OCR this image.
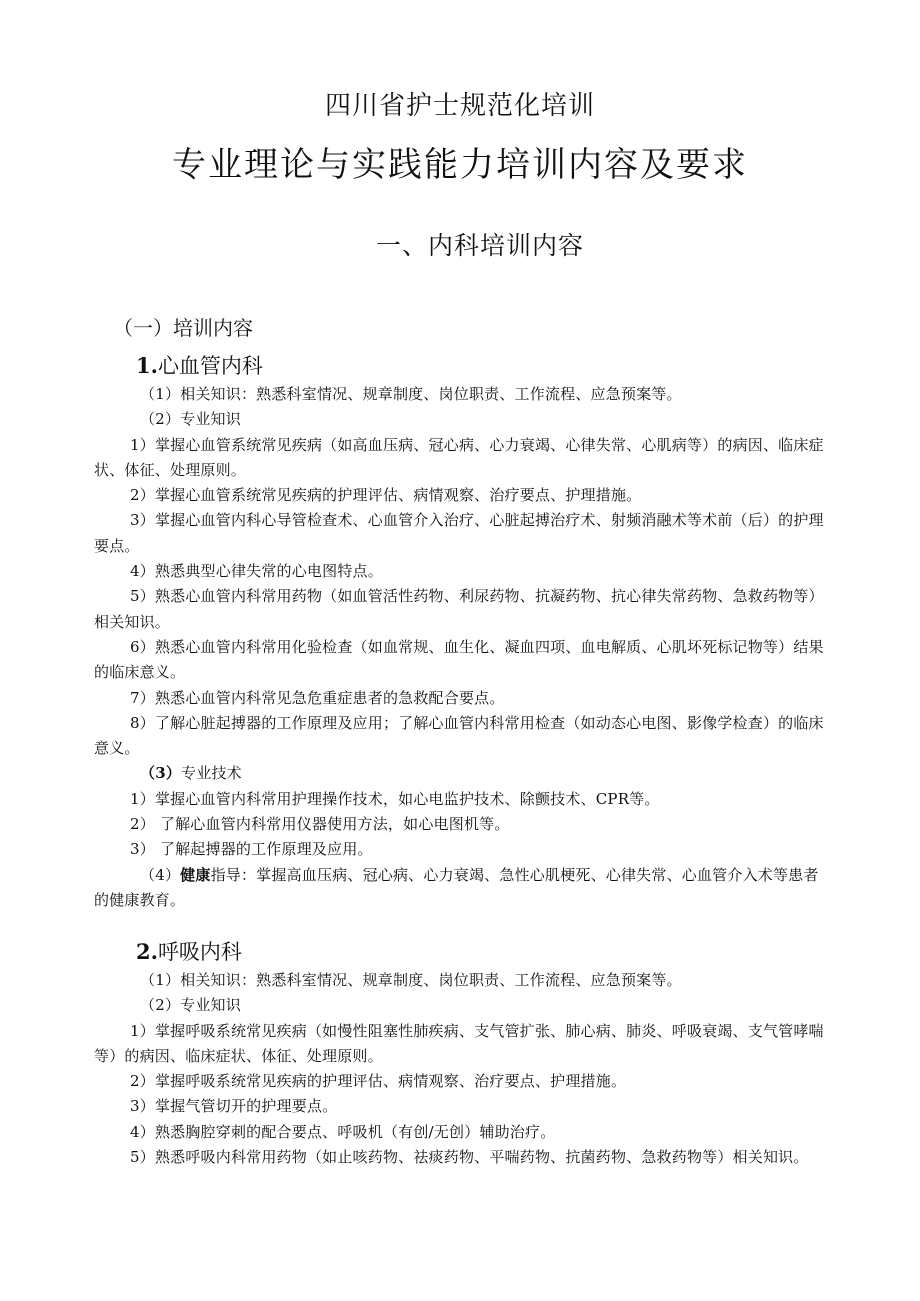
四川省护士规范化培训
专业理论与实践能力培训内容及要求
一、内科培训内容
（一）培训内容
1.心血管内科

（1）相关知识：熟悉科室情况、规章制度、岗位职责、工作流程、应急预案等。

（2）专业知识

1）掌握心血管系统常见疾病（如高血压病、冠心病、心力衰竭、心律失常、心肌病等）的病因、临床症状、体征、处理原则。

2）掌握心血管系统常见疾病的护理评估、病情观察、治疗要点、护理措施。

3）掌握心血管内科心导管检查术、心血管介入治疗、心脏起搏治疗术、射频消融术等术前（后）的护理要点。

4）熟悉典型心律失常的心电图特点。

5）熟悉心血管内科常用药物（如血管活性药物、利尿药物、抗凝药物、抗心律失常药物、急救药物等）相关知识。

6）熟悉心血管内科常用化验检查（如血常规、血生化、凝血四项、血电解质、心肌坏死标记物等）结果的临床意义。

7）熟悉心血管内科常见急危重症患者的急救配合要点。

8）了解心脏起搏器的工作原理及应用；了解心血管内科常用检查（如动态心电图、影像学检查）的临床意义。

（3）专业技术

1）掌握心血管内科常用护理操作技术，如心电监护技术、除颤技术、CPR等。

2） 了解心血管内科常用仪器使用方法，如心电图机等。

3） 了解起搏器的工作原理及应用。

（4）健康指导：掌握高血压病、冠心病、心力衰竭、急性心肌梗死、心律失常、心血管介入术等患者的健康教育。

2.呼吸内科

（1）相关知识：熟悉科室情况、规章制度、岗位职责、工作流程、应急预案等。

（2）专业知识

1）掌握呼吸系统常见疾病（如慢性阻塞性肺疾病、支气管扩张、肺心病、肺炎、呼吸衰竭、支气管哮喘等）的病因、临床症状、体征、处理原则。

2）掌握呼吸系统常见疾病的护理评估、病情观察、治疗要点、护理措施。

3）掌握气管切开的护理要点。

4）熟悉胸腔穿刺的配合要点、呼吸机（有创/无创）辅助治疗。

5）熟悉呼吸内科常用药物（如止咳药物、祛痰药物、平喘药物、抗菌药物、急救药物等）相关知识。
